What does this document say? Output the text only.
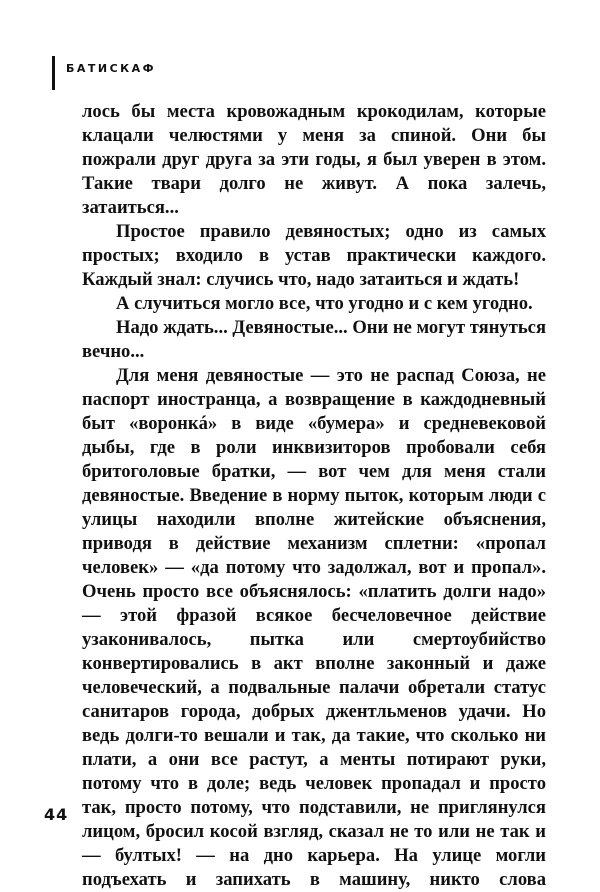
БАТИСКАФ

лось бы места кровожадным крокодилам, которые клацали челюстями у меня за спиной. Они бы пожрали друг друга за эти годы, я был уверен в этом. Такие твари долго не живут. А пока залечь, затаиться...

Простое правило девяностых; одно из самых простых; входило в устав практически каждого. Каждый знал: случись что, надо затаиться и ждать!

А случиться могло все, что угодно и с кем угодно.

Надо ждать... Девяностые... Они не могут тянуться вечно...

Для меня девяностые — это не распад Союза, не паспорт иностранца, а возвращение в каждодневный быт «воронкá» в виде «бумера» и средневековой дыбы, где в роли инквизиторов пробовали себя бритоголовые братки, — вот чем для меня стали девяностые. Введение в норму пыток, которым люди с улицы находили вполне житейские объяснения, приводя в действие механизм сплетни: «пропал человек» — «да потому что задолжал, вот и пропал». Очень просто все объяснялось: «платить долги надо» — этой фразой всякое бесчеловечное действие узаконивалось, пытка или смертоубийство конвертировались в акт вполне законный и даже человеческий, а подвальные палачи обретали статус санитаров города, добрых джентльменов удачи. Но ведь долги-то вешали и так, да такие, что сколько ни плати, а они все растут, а менты потирают руки, потому что в доле; ведь человек пропадал и просто так, просто потому, что подставили, не приглянулся лицом, бросил косой взгляд, сказал не то или не так и — бултых! — на дно карьера. На улице могли подъехать и запихать в машину, никто слова

44
